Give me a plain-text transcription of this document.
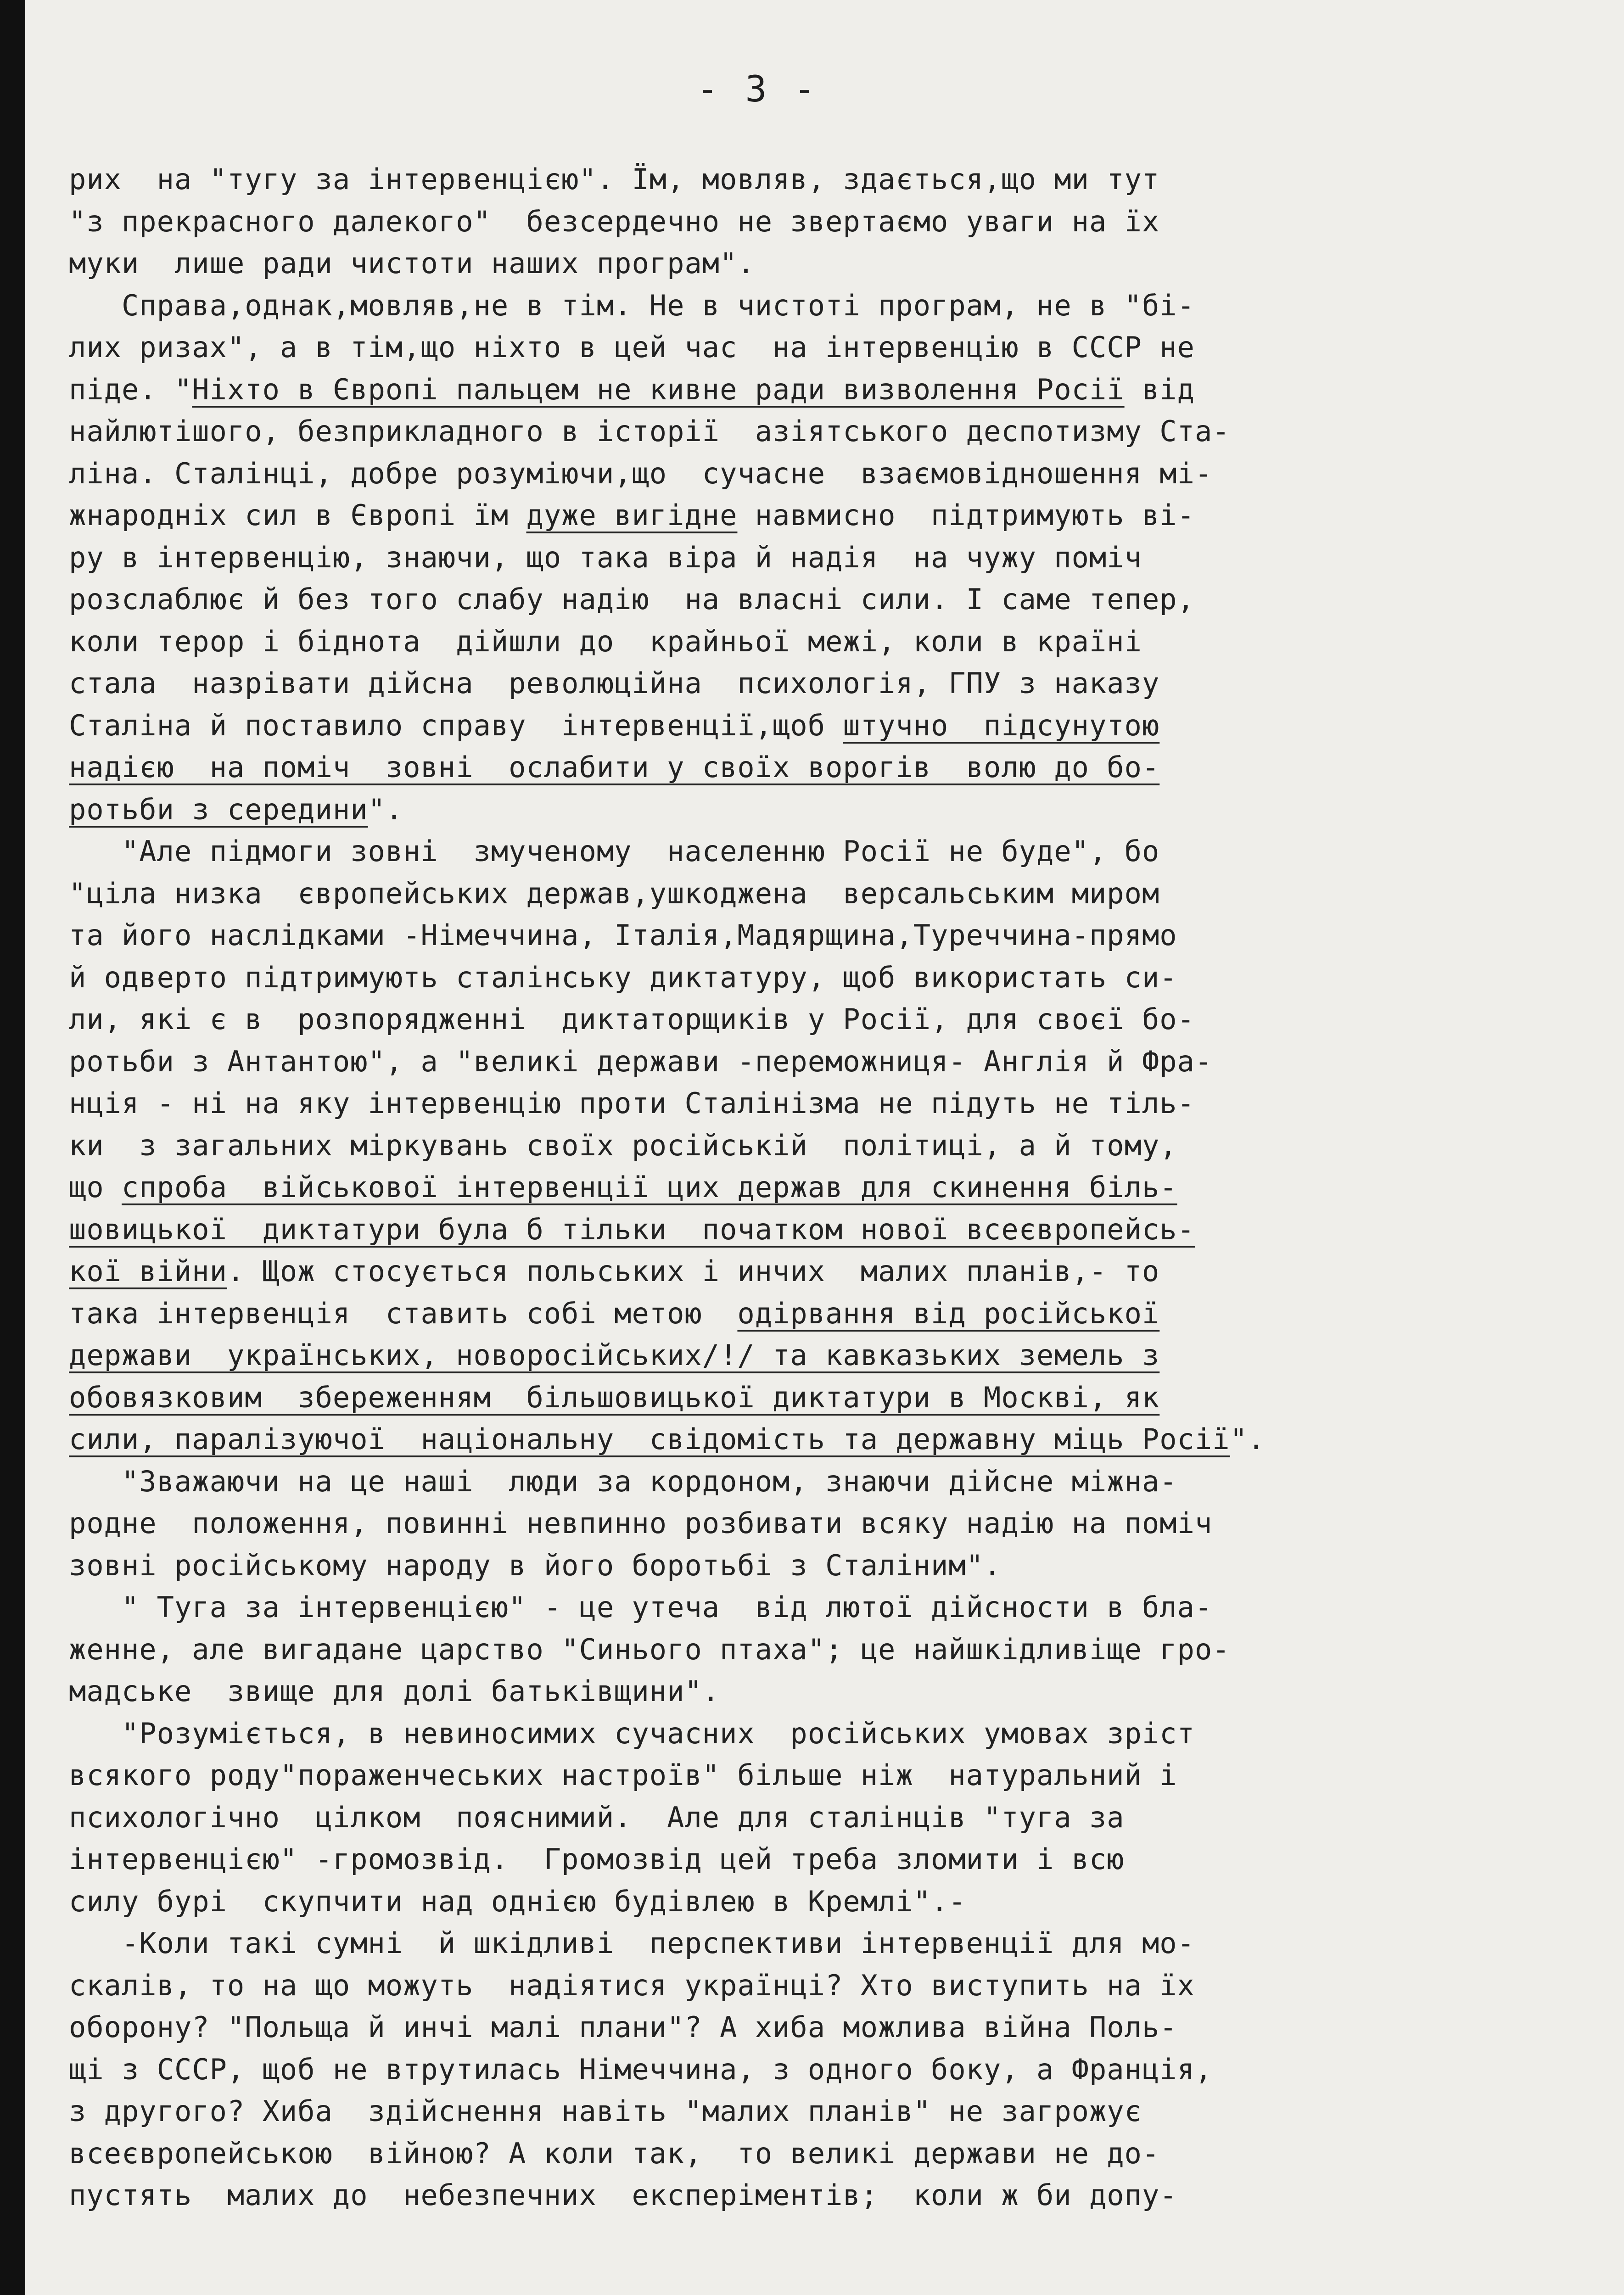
- 3 -
рих  на "тугу за інтервенцією". Їм, мовляв, здається,що ми тут
"з прекрасного далекого"  безсердечно не звертаємо уваги на їх
муки  лише ради чистоти наших програм".
Справа,однак,мовляв,не в тім. Не в чистоті програм, не в "бі-
лих ризах", а в тім,що ніхто в цей час  на інтервенцію в СССР не
піде. "Ніхто в Європі пальцем не кивне ради визволення Росії від
найлютішого, безприкладного в історії  азіятського деспотизму Ста-
ліна. Сталінці, добре розуміючи,що  сучасне  взаємовідношення мі-
жнародніх сил в Європі їм дуже вигідне навмисно  підтримують ві-
ру в інтервенцію, знаючи, що така віра й надія  на чужу поміч
розслаблює й без того слабу надію  на власні сили. І саме тепер,
коли терор і біднота  дійшли до  крайньої межі, коли в країні
стала  назрівати дійсна  революційна  психологія, ГПУ з наказу
Сталіна й поставило справу  інтервенції,щоб штучно  підсунутою
надією  на поміч  зовні  ослабити у своїх ворогів  волю до бо-
ротьби з середини".
"Але підмоги зовні  змученому  населенню Росії не буде", бо
"ціла низка  європейських держав,ушкоджена  версальським миром
та його наслідками -Німеччина, Італія,Мадярщина,Туреччина-прямо
й одверто підтримують сталінську диктатуру, щоб використать си-
ли, які є в  розпорядженні  диктаторщиків у Росії, для своєї бо-
ротьби з Антантою", а "великі держави -переможниця- Англія й Фра-
нція - ні на яку інтервенцію проти Сталінізма не підуть не тіль-
ки  з загальних міркувань своїх російській  політиці, а й тому,
що спроба  військової інтервенції цих держав для скинення біль-
шовицької  диктатури була б тільки  початком нової всеєвропейсь-
кої війни. Щож стосується польських і инчих  малих планів,- то
така інтервенція  ставить собі метою  одірвання від російської
держави  українських, новоросійських/!/ та кавказьких земель з
обовязковим  збереженням  більшовицької диктатури в Москві, як
сили, паралізуючої  національну  свідомість та державну міць Росії".
"Зважаючи на це наші  люди за кордоном, знаючи дійсне міжна-
родне  положення, повинні невпинно розбивати всяку надію на поміч
зовні російському народу в його боротьбі з Сталіним".
" Туга за інтервенцією" - це утеча  від лютої дійсности в бла-
женне, але вигадане царство "Синього птаха"; це найшкідливіще гро-
мадське  звище для долі батьківщини".
"Розуміється, в невиносимих сучасних  російських умовах зріст
всякого роду"пораженчеських настроїв" більше ніж  натуральний і
психологічно  цілком  пояснимий.  Але для сталінців "туга за
інтервенцією" -громозвід.  Громозвід цей треба зломити і всю
силу бурі  скупчити над однією будівлею в Кремлі".-
-Коли такі сумні  й шкідливі  перспективи інтервенції для мо-
скалів, то на що можуть  надіятися українці? Хто виступить на їх
оборону? "Польща й инчі малі плани"? А хиба можлива війна Поль-
щі з СССР, щоб не втрутилась Німеччина, з одного боку, а Франція,
з другого? Хиба  здійснення навіть "малих планів" не загрожує
всеєвропейською  війною? А коли так,  то великі держави не до-
пустять  малих до  небезпечних  експеріментів;  коли ж би допу-
